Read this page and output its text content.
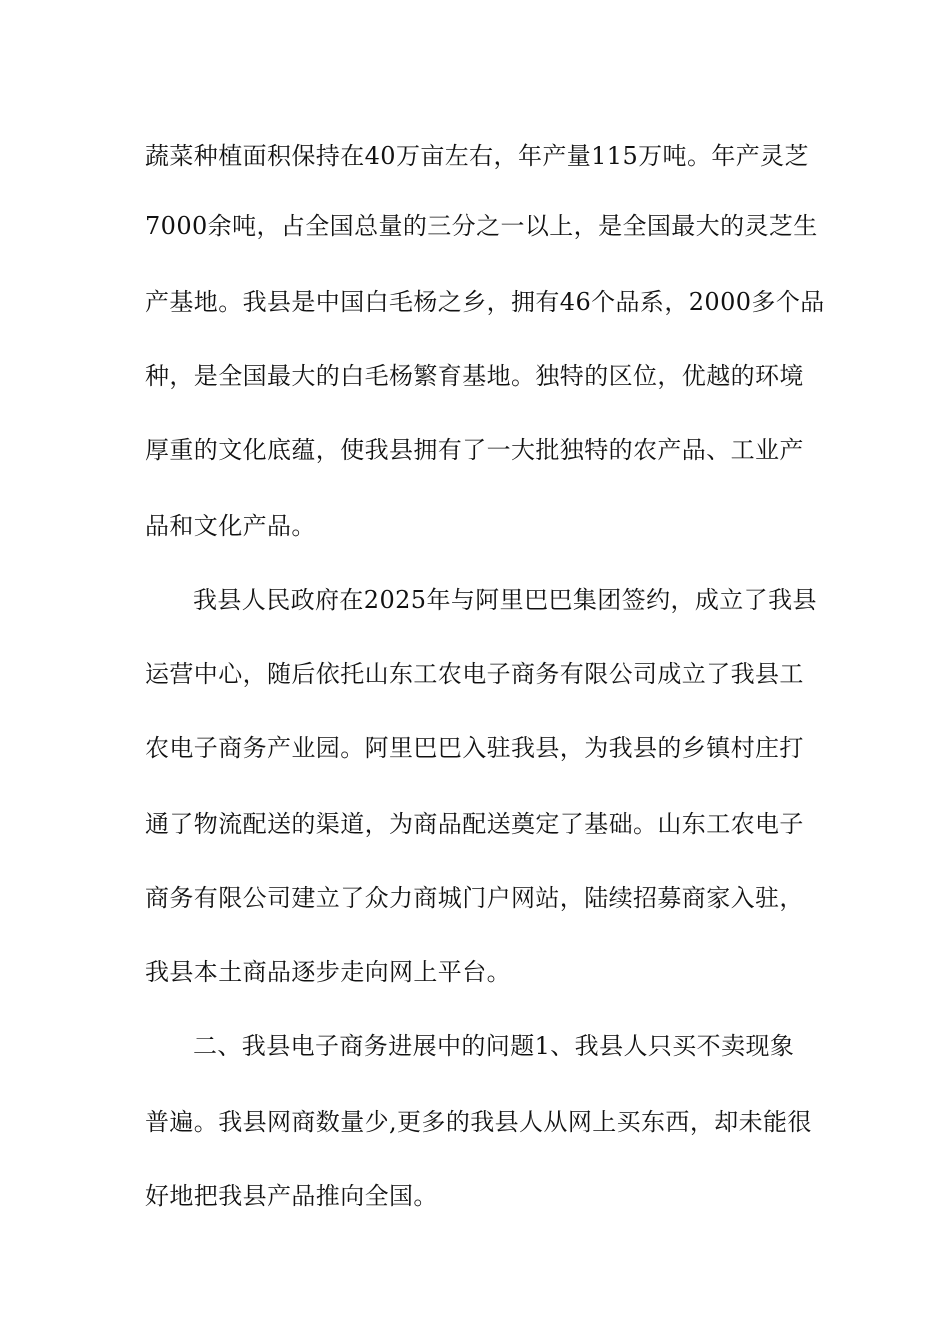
蔬菜种植面积保持在40万亩左右，年产量115万吨。年产灵芝
7000余吨，占全国总量的三分之一以上，是全国最大的灵芝生
产基地。我县是中国白毛杨之乡，拥有46个品系，2000多个品
种，是全国最大的白毛杨繁育基地。独特的区位，优越的环境
厚重的文化底蕴，使我县拥有了一大批独特的农产品、工业产
品和文化产品。
我县人民政府在2025年与阿里巴巴集团签约，成立了我县
运营中心，随后依托山东工农电子商务有限公司成立了我县工
农电子商务产业园。阿里巴巴入驻我县，为我县的乡镇村庄打
通了物流配送的渠道，为商品配送奠定了基础。山东工农电子
商务有限公司建立了众力商城门户网站，陆续招募商家入驻，
我县本土商品逐步走向网上平台。
二、我县电子商务进展中的问题1、我县人只买不卖现象
普遍。我县网商数量少,更多的我县人从网上买东西，却未能很
好地把我县产品推向全国。
